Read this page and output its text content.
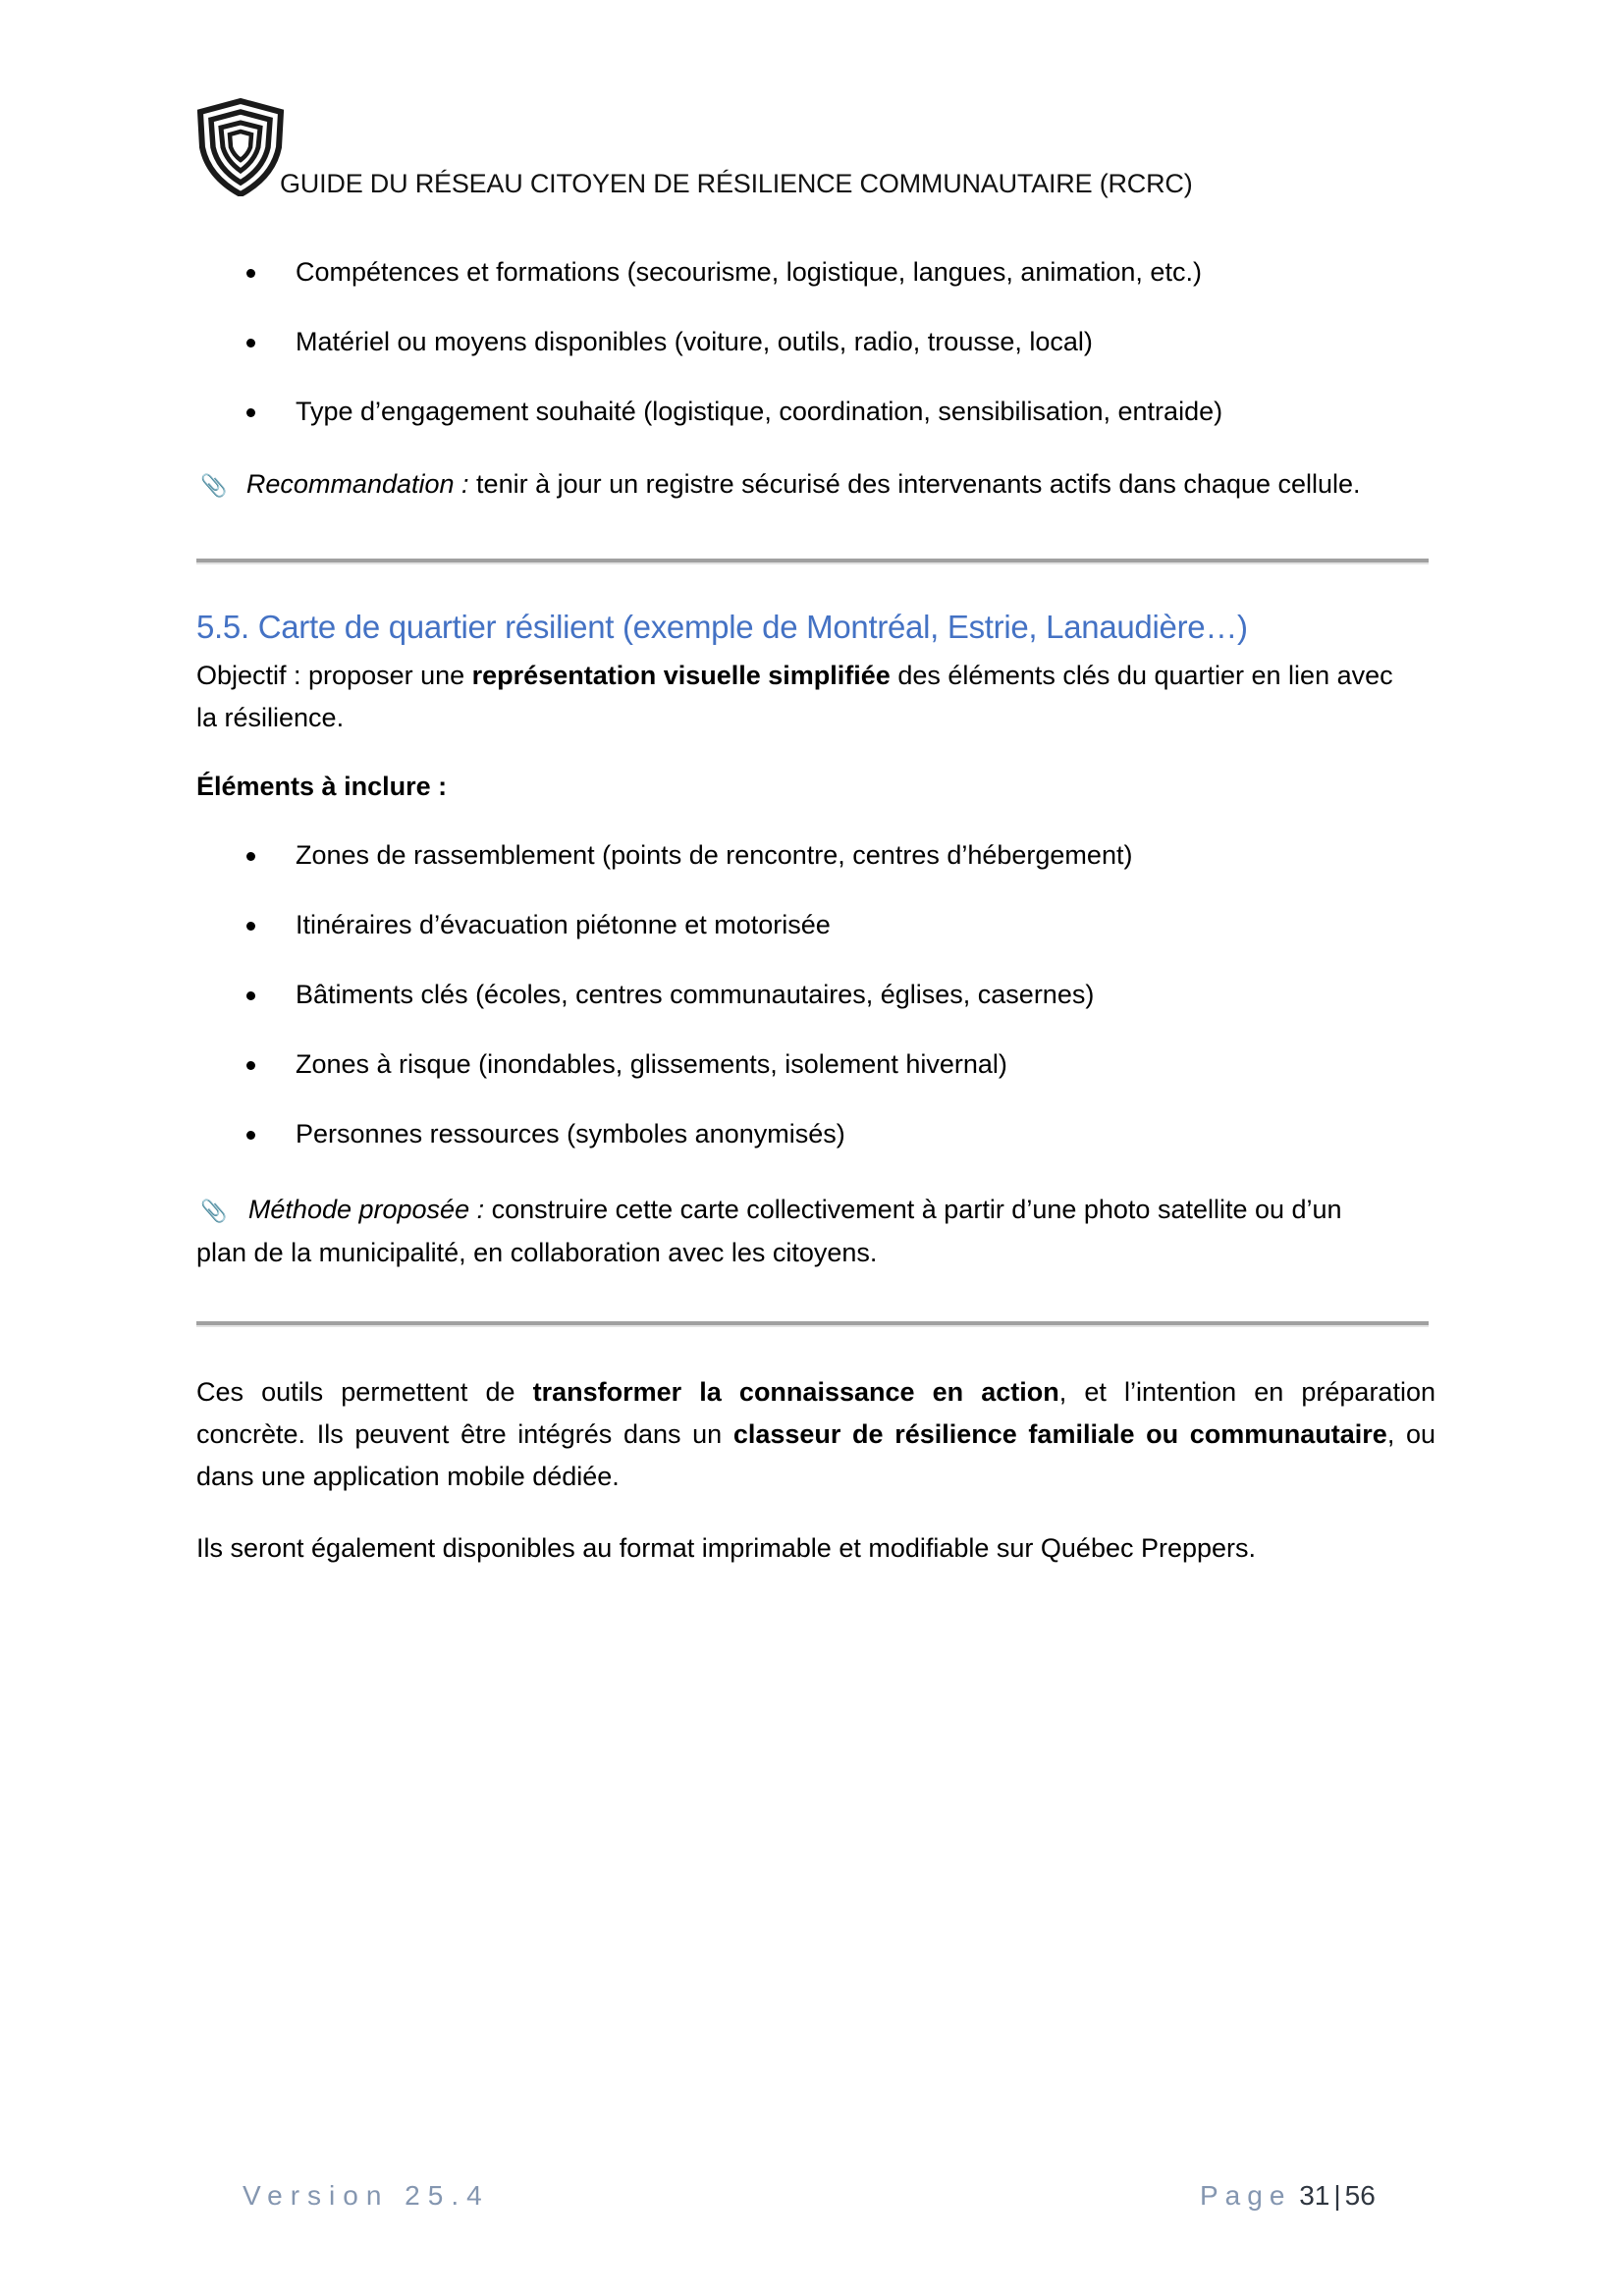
GUIDE DU RÉSEAU CITOYEN DE RÉSILIENCE COMMUNAUTAIRE (RCRC)
Compétences et formations (secourisme, logistique, langues, animation, etc.)
Matériel ou moyens disponibles (voiture, outils, radio, trousse, local)
Type d’engagement souhaité (logistique, coordination, sensibilisation, entraide)
📎 Recommandation : tenir à jour un registre sécurisé des intervenants actifs dans chaque cellule.
5.5. Carte de quartier résilient (exemple de Montréal, Estrie, Lanaudière…)
Objectif : proposer une représentation visuelle simplifiée des éléments clés du quartier en lien avec
la résilience.
Éléments à inclure :
Zones de rassemblement (points de rencontre, centres d’hébergement)
Itinéraires d’évacuation piétonne et motorisée
Bâtiments clés (écoles, centres communautaires, églises, casernes)
Zones à risque (inondables, glissements, isolement hivernal)
Personnes ressources (symboles anonymisés)
📎 Méthode proposée : construire cette carte collectivement à partir d’une photo satellite ou d’un
plan de la municipalité, en collaboration avec les citoyens.
Ces outils permettent de transformer la connaissance en action, et l’intention en préparation
concrète. Ils peuvent être intégrés dans un classeur de résilience familiale ou communautaire, ou
dans une application mobile dédiée.
Ils seront également disponibles au format imprimable et modifiable sur Québec Preppers.
Version 25.4	Page 31 | 56
